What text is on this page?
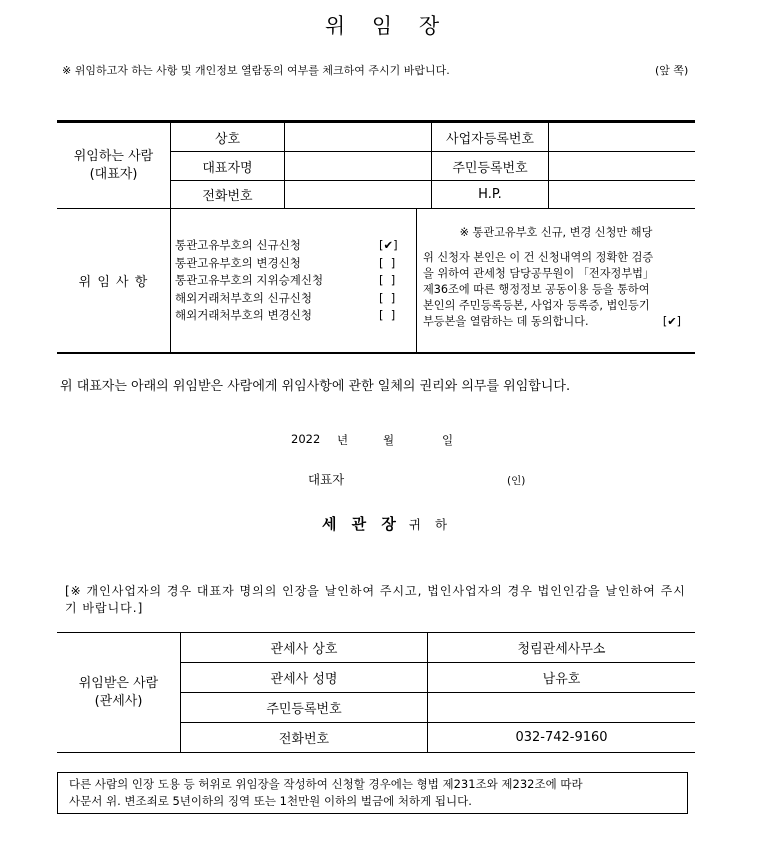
위 임 장
※ 위임하고자 하는 사항 및 개인정보 열람동의 여부를 체크하여 주시기 바랍니다.	(앞 쪽)
위임하는 사람
(대표자)
상호	사업자등록번호
대표자명	주민등록번호
전화번호	H.P.
위 임 사 항
통관고유부호의 신규신청	[✔]
통관고유부호의 변경신청	[  ]
통관고유부호의 지위승계신청	[  ]
해외거래처부호의 신규신청	[  ]
해외거래처부호의 변경신청	[  ]
※ 통관고유부호 신규, 변경 신청만 해당
위 신청자 본인은 이 건 신청내역의 정확한 검증
을 위하여 관세청 담당공무원이 「전자정부법」
제36조에 따른 행정정보 공동이용 등을 통하여
본인의 주민등록등본, 사업자 등록증, 법인등기
부등본을 열람하는 데 동의합니다.	[✔]
위 대표자는 아래의 위임받은 사람에게 위임사항에 관한 일체의 권리와 의무를 위임합니다.
2022 년	월	일
대표자	(인)
세 관 장 귀 하
[※ 개인사업자의 경우 대표자 명의의 인장을 날인하여 주시고, 법인사업자의 경우 법인인감을 날인하여 주시기 바랍니다.]
위임받은 사람
(관세사)
관세사 상호	청림관세사무소
관세사 성명	남유호
주민등록번호
전화번호	032-742-9160
다른 사람의 인장 도용 등 허위로 위임장을 작성하여 신청할 경우에는 형법 제231조와 제232조에 따라
사문서 위. 변조죄로 5년이하의 징역 또는 1천만원 이하의 벌금에 처하게 됩니다.
